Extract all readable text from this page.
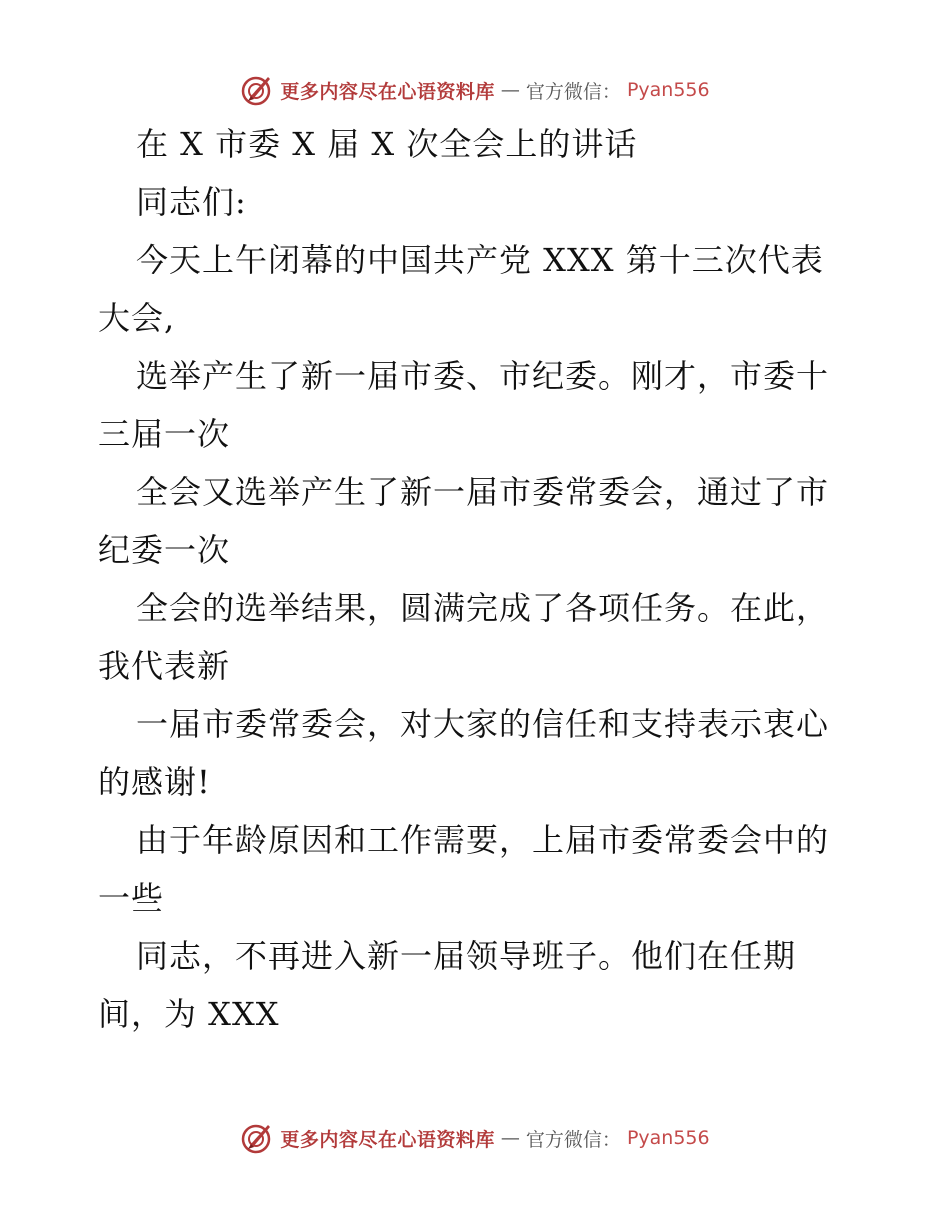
更多内容尽在心语资料库 — 官方微信： Pyan556
在 X 市委 X 届 X 次全会上的讲话
同志们:
今天上午闭幕的中国共产党 XXX 第十三次代表
大会,
选举产生了新一届市委、市纪委。刚才，市委十
三届一次
全会又选举产生了新一届市委常委会，通过了市
纪委一次
全会的选举结果，圆满完成了各项任务。在此，
我代表新
一届市委常委会，对大家的信任和支持表示衷心
的感谢!
由于年龄原因和工作需要，上届市委常委会中的
一些
同志，不再进入新一届领导班子。他们在任期
间，为 XXX
更多内容尽在心语资料库 — 官方微信： Pyan556
